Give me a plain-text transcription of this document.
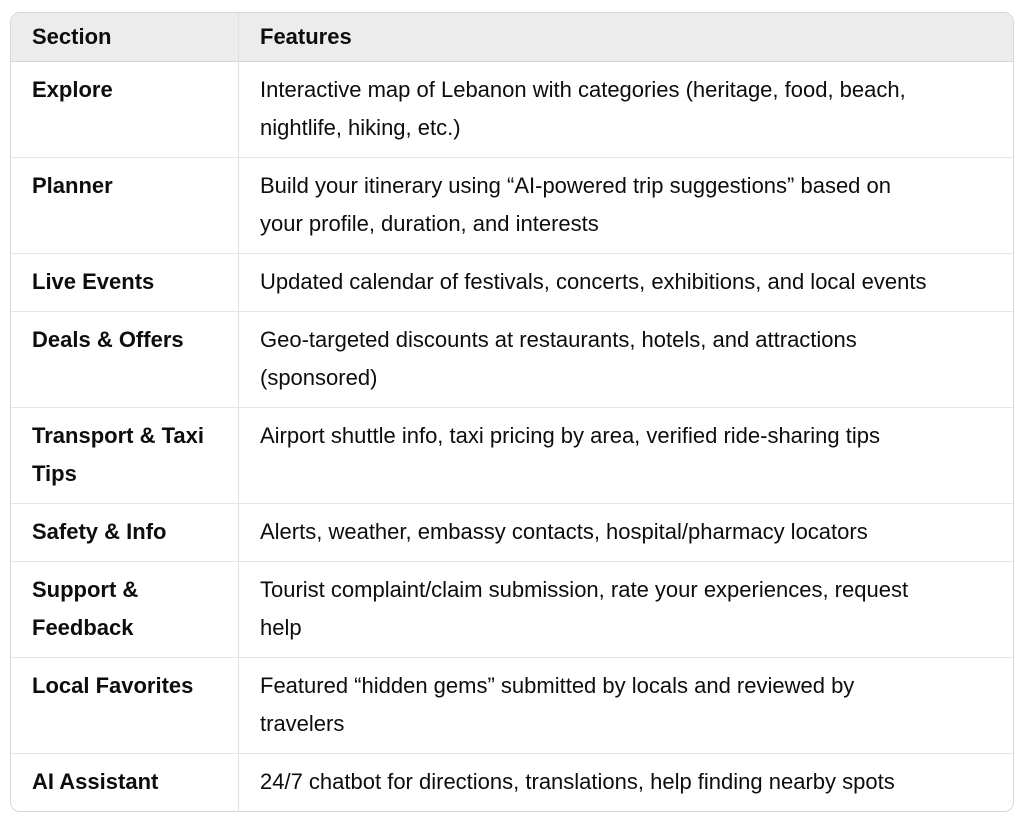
Section	Features
Explore	Interactive map of Lebanon with categories (heritage, food, beach, nightlife, hiking, etc.)
Planner	Build your itinerary using “AI-powered trip suggestions” based on your profile, duration, and interests
Live Events	Updated calendar of festivals, concerts, exhibitions, and local events
Deals & Offers	Geo-targeted discounts at restaurants, hotels, and attractions (sponsored)
Transport & Taxi Tips	Airport shuttle info, taxi pricing by area, verified ride-sharing tips
Safety & Info	Alerts, weather, embassy contacts, hospital/pharmacy locators
Support & Feedback	Tourist complaint/claim submission, rate your experiences, request help
Local Favorites	Featured “hidden gems” submitted by locals and reviewed by travelers
AI Assistant	24/7 chatbot for directions, translations, help finding nearby spots
